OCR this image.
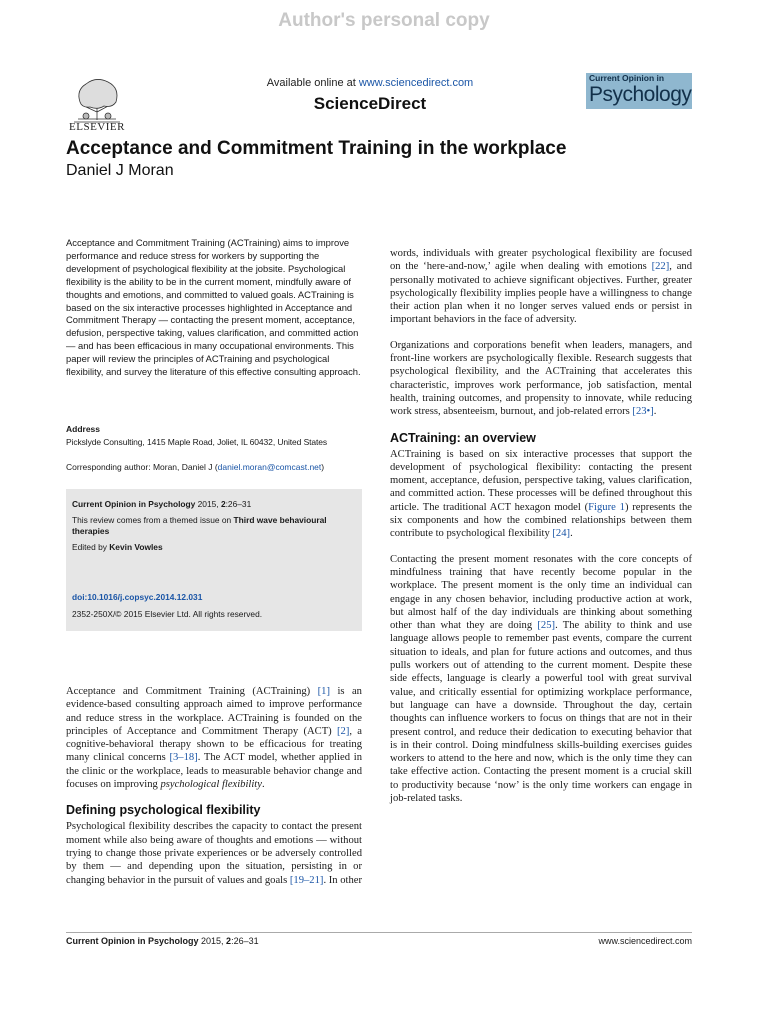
Author's personal copy
ELSEVIER
Available online at www.sciencedirect.com
ScienceDirect
Current Opinion in
Psychology
Acceptance and Commitment Training in the workplace
Daniel J Moran
Acceptance and Commitment Training (ACTraining) aims to improve performance and reduce stress for workers by supporting the development of psychological flexibility at the jobsite. Psychological flexibility is the ability to be in the current moment, mindfully aware of thoughts and emotions, and committed to valued goals. ACTraining is based on the six interactive processes highlighted in Acceptance and Commitment Therapy — contacting the present moment, acceptance, defusion, perspective taking, values clarification, and committed action — and has been efficacious in many occupational environments. This paper will review the principles of ACTraining and psychological flexibility, and survey the literature of this effective consulting approach.
Address
Pickslyde Consulting, 1415 Maple Road, Joliet, IL 60432, United States
Corresponding author: Moran, Daniel J (daniel.moran@comcast.net)
Current Opinion in Psychology 2015, 2:26–31
This review comes from a themed issue on Third wave behavioural therapies
Edited by Kevin Vowles
doi:10.1016/j.copsyc.2014.12.031
2352-250X/© 2015 Elsevier Ltd. All rights reserved.

Acceptance and Commitment Training (ACTraining) [1] is an evidence-based consulting approach aimed to improve performance and reduce stress in the workplace. ACTraining is founded on the principles of Acceptance and Commitment Therapy (ACT) [2], a cognitive-behavioral therapy shown to be efficacious for treating many clinical concerns [3–18]. The ACT model, whether applied in the clinic or the workplace, leads to measurable behavior change and focuses on improving psychological flexibility.

Defining psychological flexibility

Psychological flexibility describes the capacity to contact the present moment while also being aware of thoughts and emotions — without trying to change those private experiences or be adversely controlled by them — and depending upon the situation, persisting in or changing behavior in the pursuit of values and goals [19–21]. In other

words, individuals with greater psychological flexibility are focused on the ‘here-and-now,’ agile when dealing with emotions [22], and personally motivated to achieve significant objectives. Further, greater psychologically flexibility implies people have a willingness to change their action plan when it no longer serves valued ends or persist in important behaviors in the face of adversity.

Organizations and corporations benefit when leaders, managers, and front-line workers are psychologically flexible. Research suggests that psychological flexibility, and the ACTraining that accelerates this characteristic, improves work performance, job satisfaction, mental health, training outcomes, and propensity to innovate, while reducing work stress, absenteeism, burnout, and job-related errors [23•].

ACTraining: an overview

ACTraining is based on six interactive processes that support the development of psychological flexibility: contacting the present moment, acceptance, defusion, perspective taking, values clarification, and committed action. These processes will be defined throughout this article. The traditional ACT hexagon model (Figure 1) represents the six components and how the combined relationships between them contribute to psychological flexibility [24].

Contacting the present moment resonates with the core concepts of mindfulness training that have recently become popular in the workplace. The present moment is the only time an individual can engage in any chosen behavior, including productive action at work, but almost half of the day individuals are thinking about something other than what they are doing [25]. The ability to think and use language allows people to remember past events, compare the current situation to ideals, and plan for future actions and outcomes, and thus pulls workers out of attending to the current moment. Despite these side effects, language is clearly a powerful tool with great survival value, and critically essential for optimizing workplace performance, but language can have a downside. Throughout the day, certain thoughts can influence workers to focus on things that are not in their present control, and reduce their dedication to executing behavior that is in their control. Doing mindfulness skills-building exercises guides workers to attend to the here and now, which is the only time they can take effective action. Contacting the present moment is a crucial skill to productivity because ‘now’ is the only time workers can engage in job-related tasks.

Current Opinion in Psychology 2015, 2:26–31	www.sciencedirect.com
